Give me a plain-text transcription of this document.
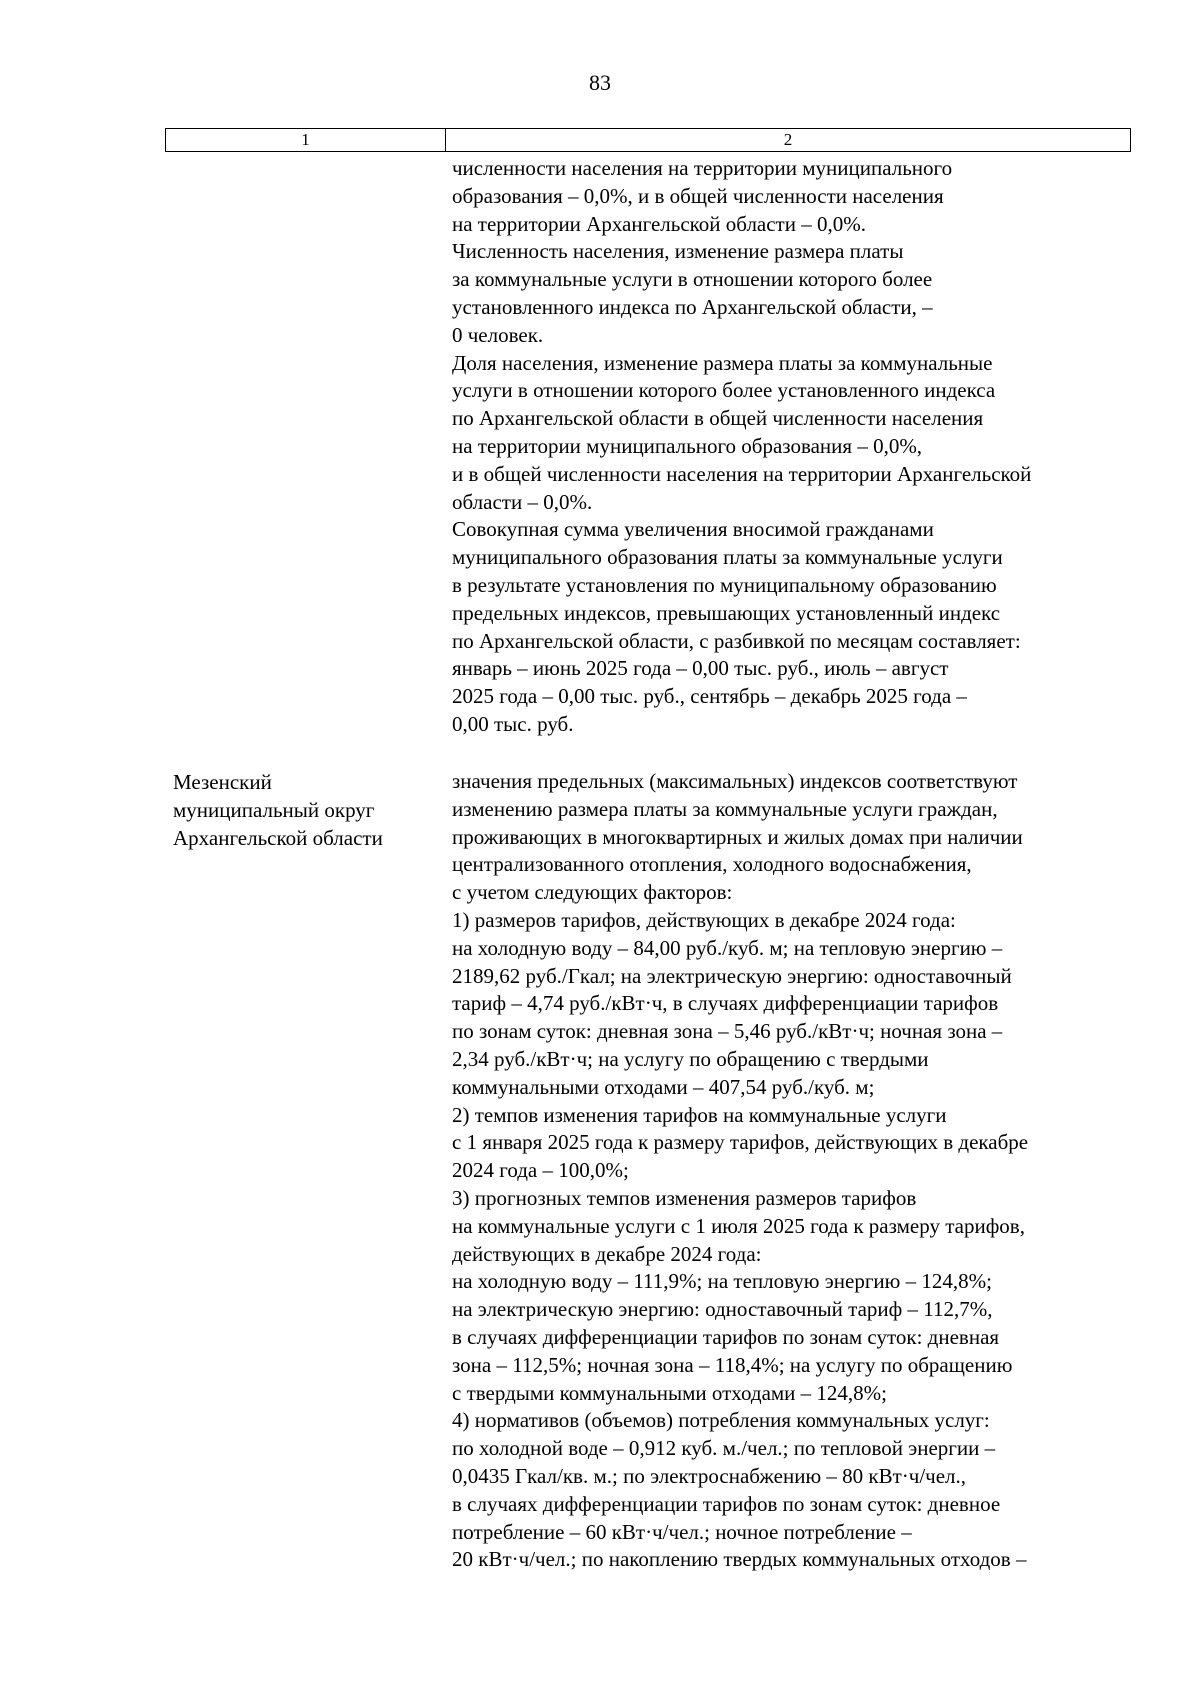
83
1	2
численности населения на территории муниципального
образования – 0,0%, и в общей численности населения
на территории Архангельской области – 0,0%.
Численность населения, изменение размера платы
за коммунальные услуги в отношении которого более
установленного индекса по Архангельской области, –
0 человек.
Доля населения, изменение размера платы за коммунальные
услуги в отношении которого более установленного индекса
по Архангельской области в общей численности населения
на территории муниципального образования – 0,0%,
и в общей численности населения на территории Архангельской
области – 0,0%.
Совокупная сумма увеличения вносимой гражданами
муниципального образования платы за коммунальные услуги
в результате установления по муниципальному образованию
предельных индексов, превышающих установленный индекс
по Архангельской области, с разбивкой по месяцам составляет:
январь – июнь 2025 года – 0,00 тыс. руб., июль – август
2025 года – 0,00 тыс. руб., сентябрь – декабрь 2025 года –
0,00 тыс. руб.
Мезенский
муниципальный округ
Архангельской области
значения предельных (максимальных) индексов соответствуют
изменению размера платы за коммунальные услуги граждан,
проживающих в многоквартирных и жилых домах при наличии
централизованного отопления, холодного водоснабжения,
с учетом следующих факторов:
1) размеров тарифов, действующих в декабре 2024 года:
на холодную воду – 84,00 руб./куб. м; на тепловую энергию –
2189,62 руб./Гкал; на электрическую энергию: одноставочный
тариф – 4,74 руб./кВт·ч, в случаях дифференциации тарифов
по зонам суток: дневная зона – 5,46 руб./кВт·ч; ночная зона –
2,34 руб./кВт·ч; на услугу по обращению с твердыми
коммунальными отходами – 407,54 руб./куб. м;
2) темпов изменения тарифов на коммунальные услуги
с 1 января 2025 года к размеру тарифов, действующих в декабре
2024 года – 100,0%;
3) прогнозных темпов изменения размеров тарифов
на коммунальные услуги с 1 июля 2025 года к размеру тарифов,
действующих в декабре 2024 года:
на холодную воду – 111,9%; на тепловую энергию – 124,8%;
на электрическую энергию: одноставочный тариф – 112,7%,
в случаях дифференциации тарифов по зонам суток: дневная
зона – 112,5%; ночная зона – 118,4%; на услугу по обращению
с твердыми коммунальными отходами – 124,8%;
4) нормативов (объемов) потребления коммунальных услуг:
по холодной воде – 0,912 куб. м./чел.; по тепловой энергии –
0,0435 Гкал/кв. м.; по электроснабжению – 80 кВт·ч/чел.,
в случаях дифференциации тарифов по зонам суток: дневное
потребление – 60 кВт·ч/чел.; ночное потребление –
20 кВт·ч/чел.; по накоплению твердых коммунальных отходов –
